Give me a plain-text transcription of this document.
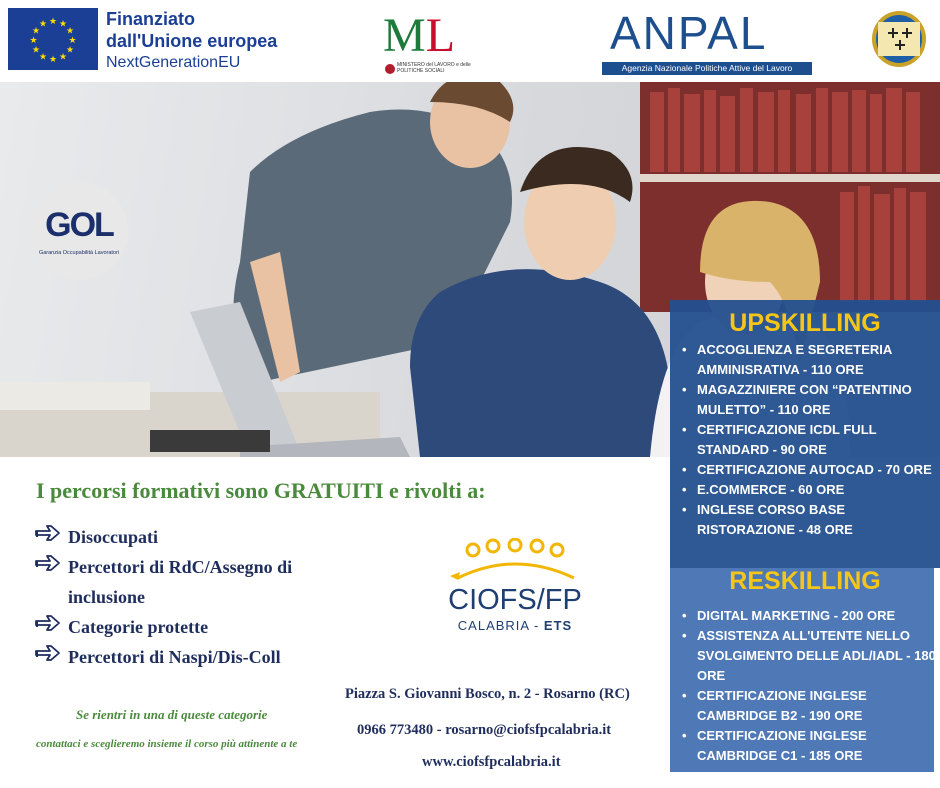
★ ★
★
★
★
★
★
★
★
★
★
★	Finanziato
dall'Unione europea
NextGenerationEU
ML
MINISTERO del LAVORO e delle POLITICHE SOCIALI
ANPAL
Agenzia Nazionale Politiche Attive del Lavoro
GOL
Garanzia Occupabilità Lavoratori
UPSKILLING
• ACCOGLIENZA E SEGRETERIA AMMINISRATIVA - 110 ORE
• MAGAZZINIERE CON “PATENTINO MULETTO” - 110 ORE
• CERTIFICAZIONE ICDL FULL STANDARD - 90 ORE
• CERTIFICAZIONE AUTOCAD - 70 ORE
• E.COMMERCE - 60 ORE
• INGLESE CORSO BASE RISTORAZIONE - 48 ORE
RESKILLING
• DIGITAL MARKETING - 200 ORE
• ASSISTENZA ALL'UTENTE NELLO SVOLGIMENTO DELLE ADL/IADL - 180 ORE
• CERTIFICAZIONE INGLESE CAMBRIDGE B2 - 190 ORE
• CERTIFICAZIONE INGLESE CAMBRIDGE C1 - 185 ORE

I percorsi formativi sono GRATUITI e rivolti a:

Disoccupati
Percettori di RdC/Assegno di inclusione
Categorie protette
Percettori di Naspi/Dis-Coll
CIOFS/FP
CALABRIA - ETS
Se rientri in una di queste categorie
contattaci e sceglieremo insieme il corso più attinente a te
Piazza S. Giovanni Bosco, n. 2 - Rosarno (RC)
0966 773480 - rosarno@ciofsfpcalabria.it
www.ciofsfpcalabria.it
